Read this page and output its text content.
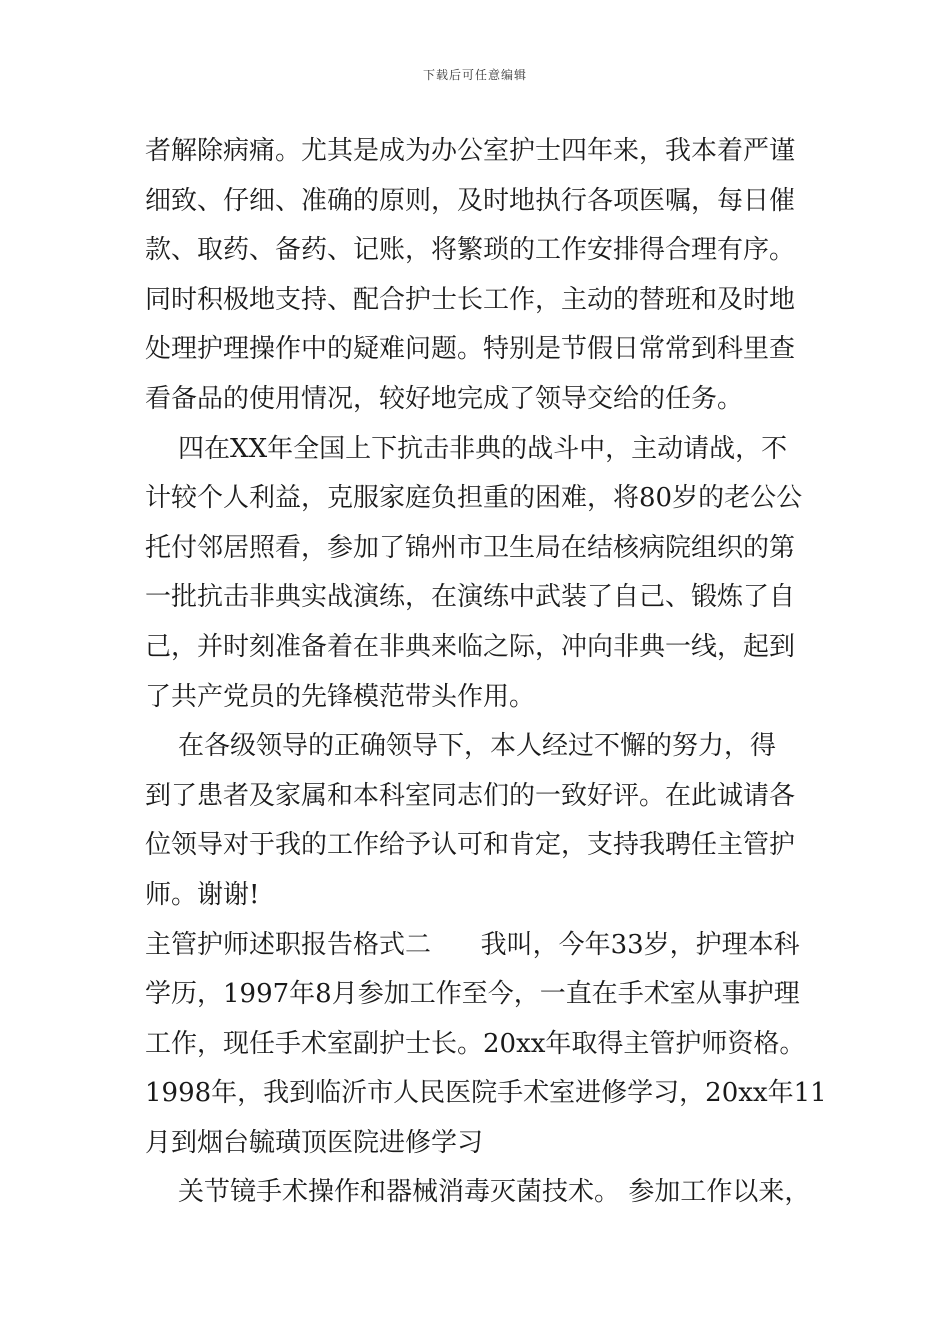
下载后可任意编辑
者解除病痛。尤其是成为办公室护士四年来，我本着严谨
细致、仔细、准确的原则，及时地执行各项医嘱，每日催
款、取药、备药、记账，将繁琐的工作安排得合理有序。
同时积极地支持、配合护士长工作，主动的替班和及时地
处理护理操作中的疑难问题。特别是节假日常常到科里查
看备品的使用情况，较好地完成了领导交给的任务。
四在XX年全国上下抗击非典的战斗中，主动请战，不
计较个人利益，克服家庭负担重的困难，将80岁的老公公
托付邻居照看，参加了锦州市卫生局在结核病院组织的第
一批抗击非典实战演练，在演练中武装了自己、锻炼了自
己，并时刻准备着在非典来临之际，冲向非典一线，起到
了共产党员的先锋模范带头作用。
在各级领导的正确领导下，本人经过不懈的努力，得
到了患者及家属和本科室同志们的一致好评。在此诚请各
位领导对于我的工作给予认可和肯定，支持我聘任主管护
师。谢谢!
主管护师述职报告格式二      我叫，今年33岁，护理本科
学历，1997年8月参加工作至今，一直在手术室从事护理
工作，现任手术室副护士长。20xx年取得主管护师资格。
1998年，我到临沂市人民医院手术室进修学习，20xx年11
月到烟台毓璜顶医院进修学习
关节镜手术操作和器械消毒灭菌技术。 参加工作以来，
